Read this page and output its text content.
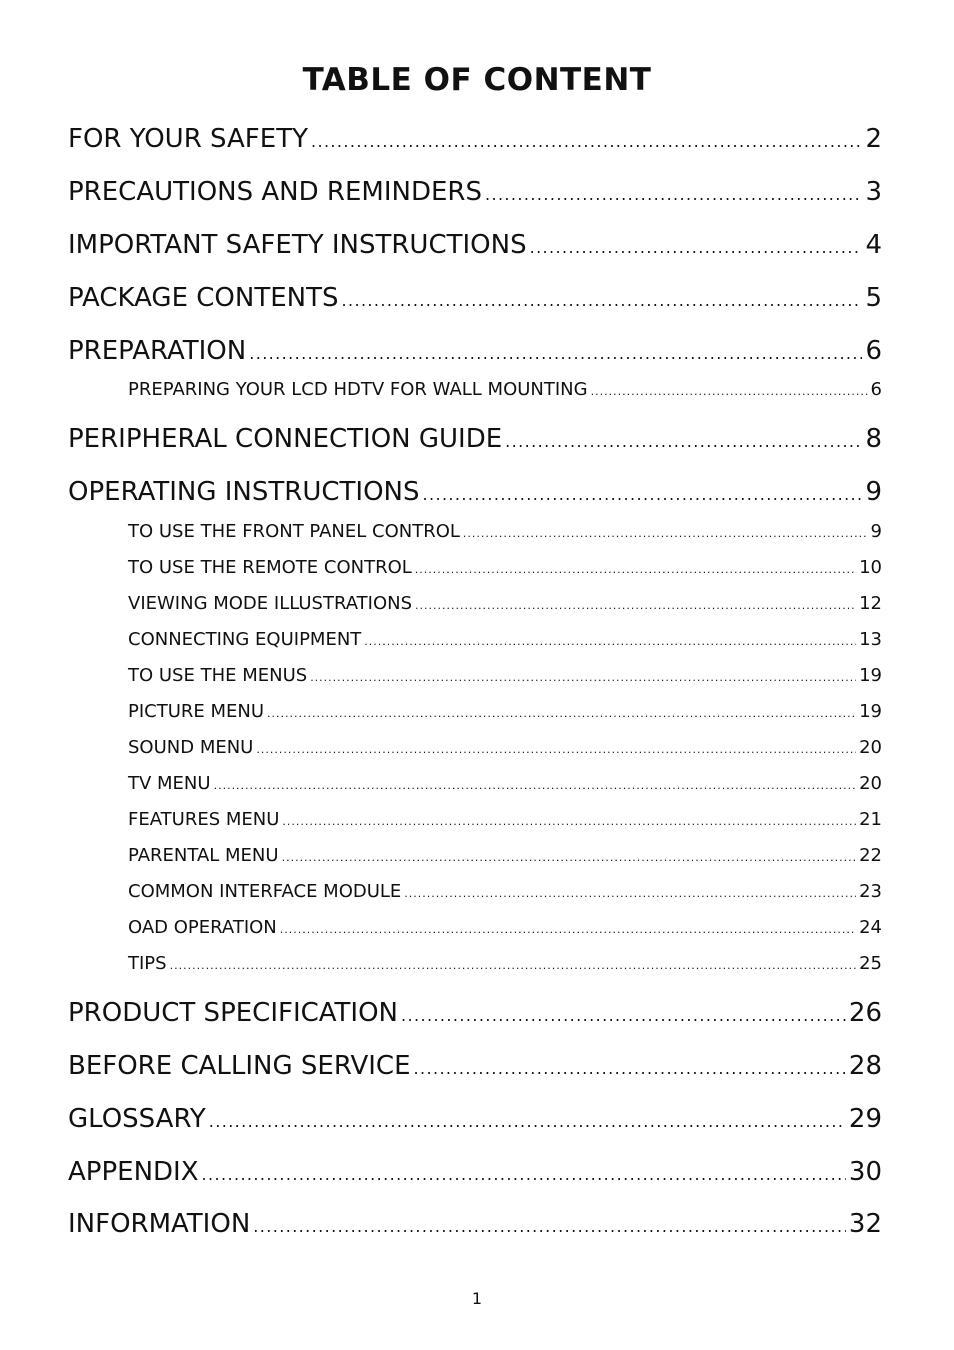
TABLE OF CONTENT
FOR YOUR SAFETY .....	2
PRECAUTIONS AND REMINDERS .....	3
IMPORTANT SAFETY INSTRUCTIONS .....	4
PACKAGE CONTENTS .....	5
PREPARATION .....	6
PREPARING YOUR LCD HDTV FOR WALL MOUNTING .....	6
PERIPHERAL CONNECTION GUIDE .....	8
OPERATING INSTRUCTIONS .....	9
TO USE THE FRONT PANEL CONTROL .....	9
TO USE THE REMOTE CONTROL .....	10
VIEWING MODE ILLUSTRATIONS .....	12
CONNECTING EQUIPMENT .....	13
TO USE THE MENUS .....	19
PICTURE MENU .....	19
SOUND MENU .....	20
TV MENU .....	20
FEATURES MENU .....	21
PARENTAL MENU .....	22
COMMON INTERFACE MODULE .....	23
OAD OPERATION .....	24
TIPS .....	25
PRODUCT SPECIFICATION .....	26
BEFORE CALLING SERVICE .....	28
GLOSSARY .....	29
APPENDIX .....	30
INFORMATION .....	32
1
